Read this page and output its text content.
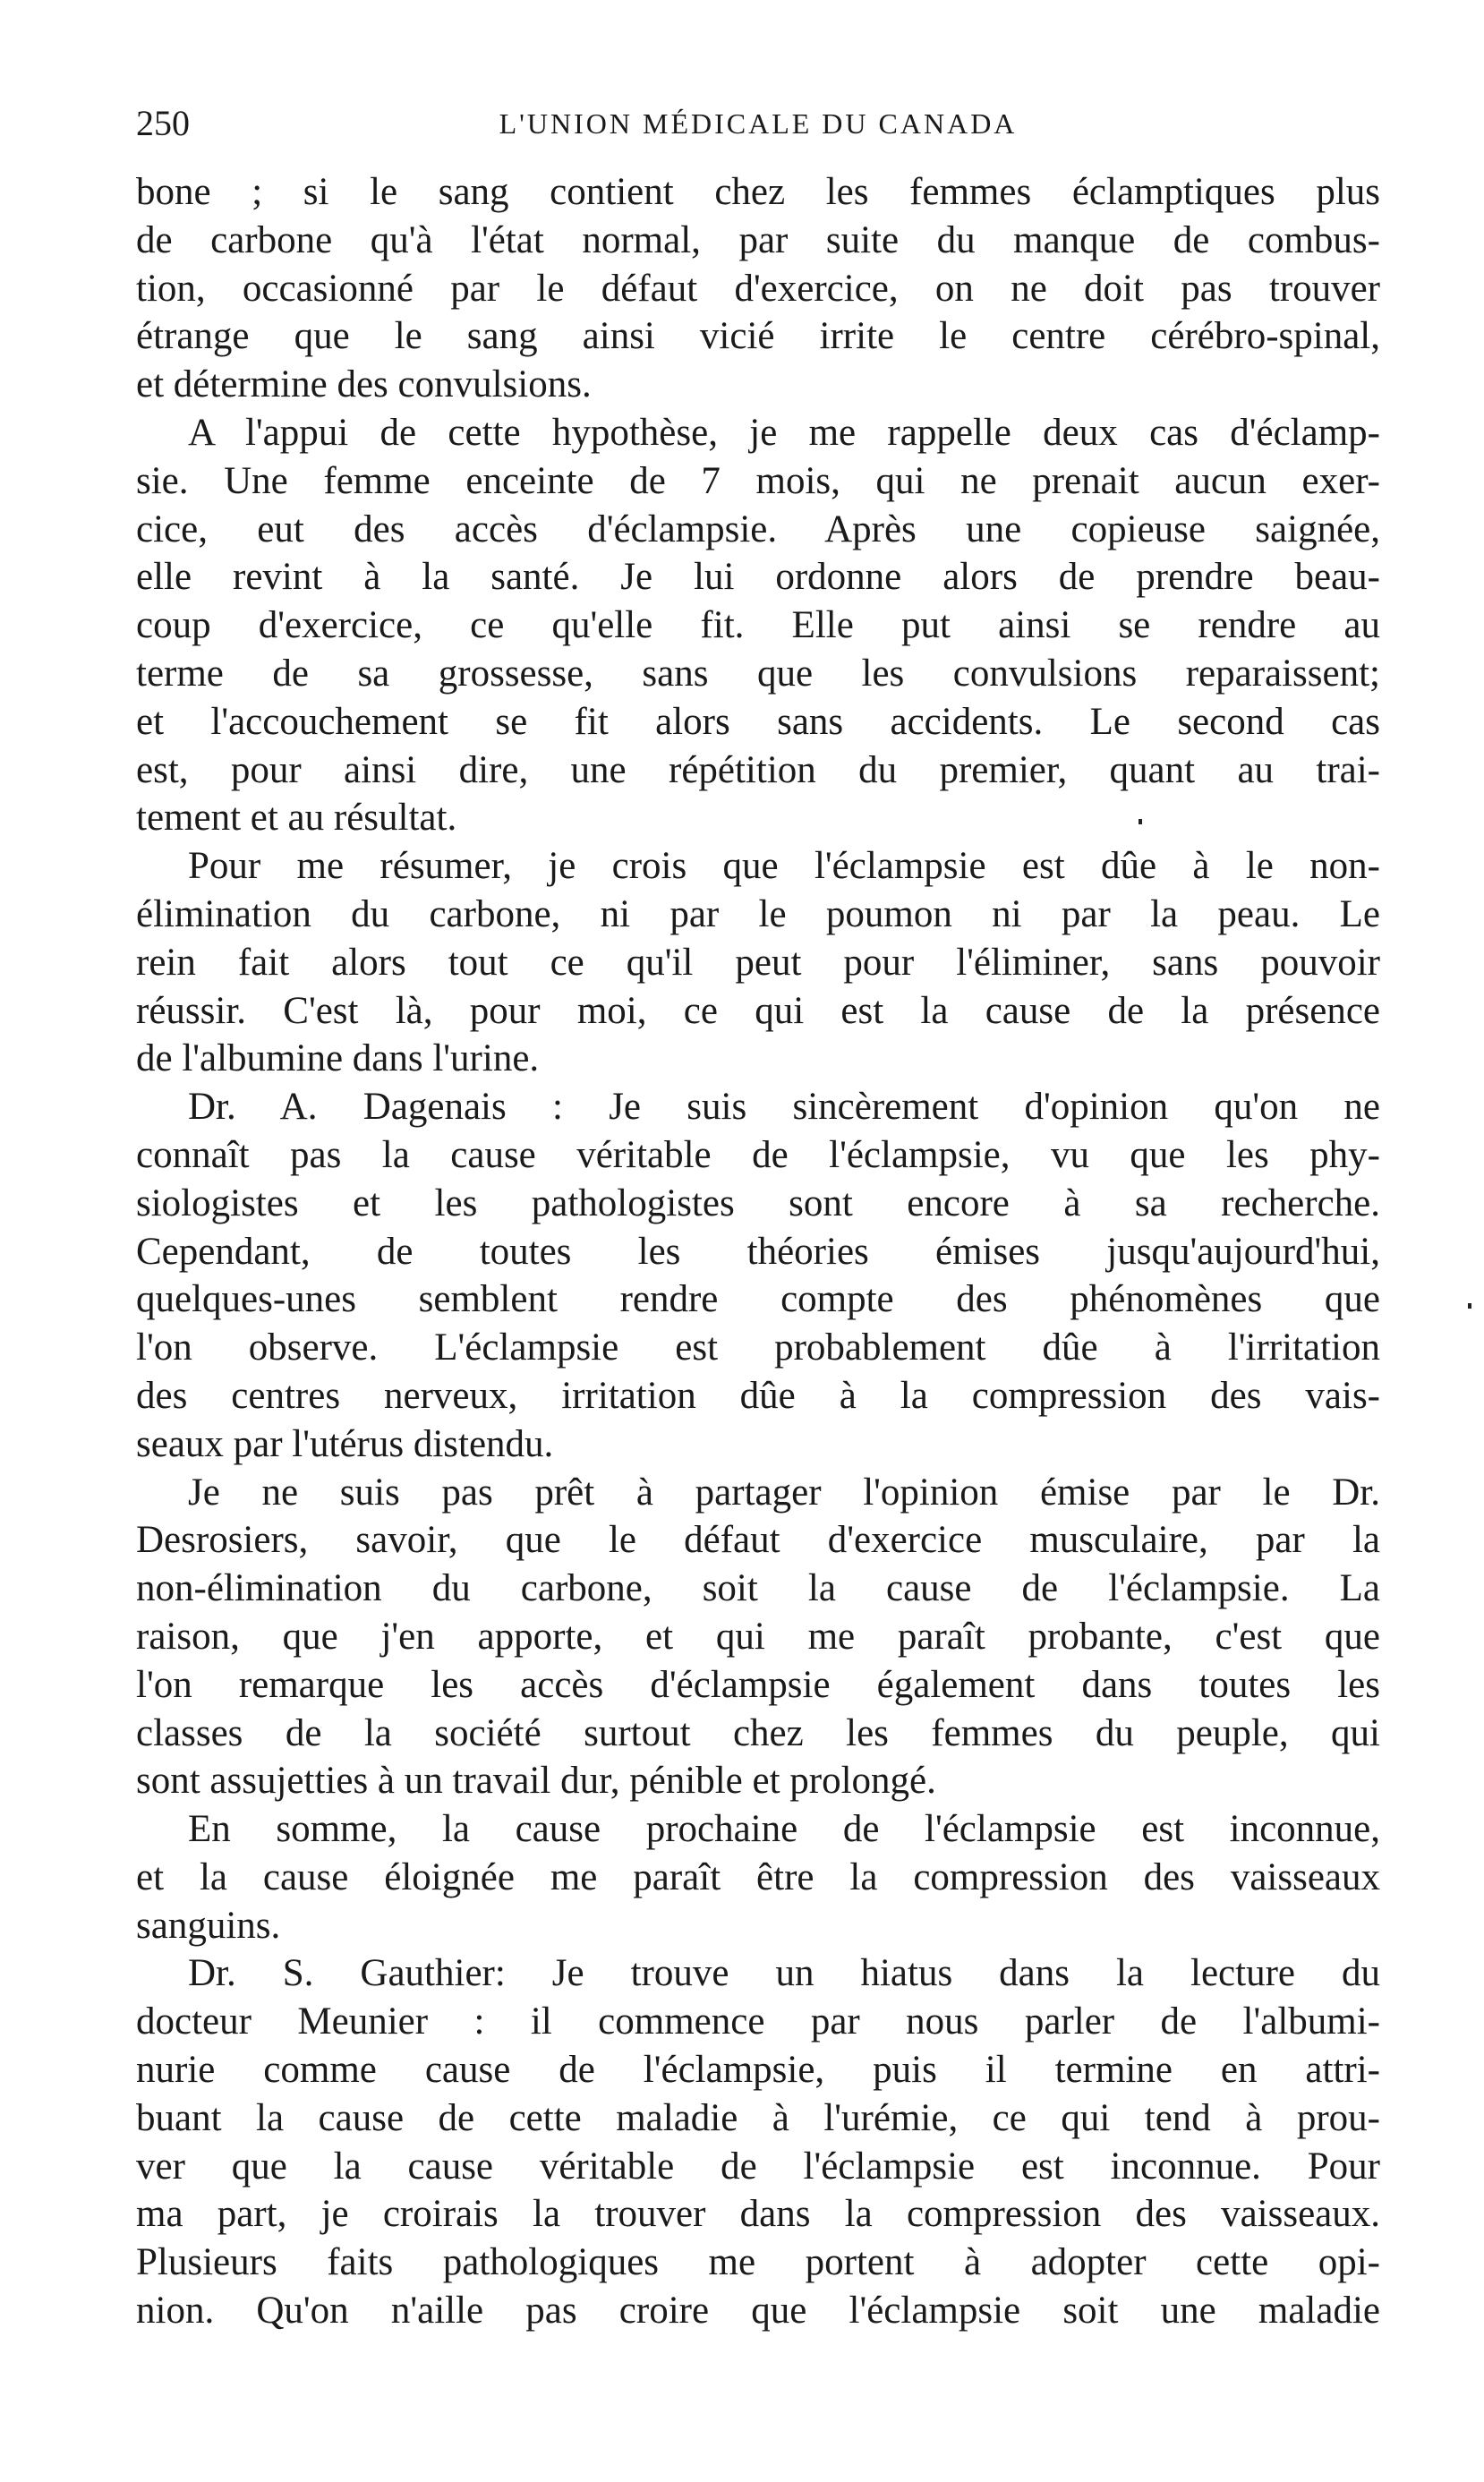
250	L'UNION MÉDICALE DU CANADA
bone ; si le sang contient chez les femmes éclamptiques plus
de carbone qu'à l'état normal, par suite du manque de combus-
tion, occasionné par le défaut d'exercice, on ne doit pas trouver
étrange que le sang ainsi vicié irrite le centre cérébro-spinal,
et détermine des convulsions.
A l'appui de cette hypothèse, je me rappelle deux cas d'éclamp-
sie. Une femme enceinte de 7 mois, qui ne prenait aucun exer-
cice, eut des accès d'éclampsie. Après une copieuse saignée,
elle revint à la santé. Je lui ordonne alors de prendre beau-
coup d'exercice, ce qu'elle fit. Elle put ainsi se rendre au
terme de sa grossesse, sans que les convulsions reparaissent;
et l'accouchement se fit alors sans accidents. Le second cas
est, pour ainsi dire, une répétition du premier, quant au trai-
tement et au résultat.
Pour me résumer, je crois que l'éclampsie est dûe à le non-
élimination du carbone, ni par le poumon ni par la peau. Le
rein fait alors tout ce qu'il peut pour l'éliminer, sans pouvoir
réussir. C'est là, pour moi, ce qui est la cause de la présence
de l'albumine dans l'urine.
Dr. A. Dagenais : Je suis sincèrement d'opinion qu'on ne
connaît pas la cause véritable de l'éclampsie, vu que les phy-
siologistes et les pathologistes sont encore à sa recherche.
Cependant, de toutes les théories émises jusqu'aujourd'hui,
quelques-unes semblent rendre compte des phénomènes que
l'on observe. L'éclampsie est probablement dûe à l'irritation
des centres nerveux, irritation dûe à la compression des vais-
seaux par l'utérus distendu.
Je ne suis pas prêt à partager l'opinion émise par le Dr.
Desrosiers, savoir, que le défaut d'exercice musculaire, par la
non-élimination du carbone, soit la cause de l'éclampsie. La
raison, que j'en apporte, et qui me paraît probante, c'est que
l'on remarque les accès d'éclampsie également dans toutes les
classes de la société surtout chez les femmes du peuple, qui
sont assujetties à un travail dur, pénible et prolongé.
En somme, la cause prochaine de l'éclampsie est inconnue,
et la cause éloignée me paraît être la compression des vaisseaux
sanguins.
Dr. S. Gauthier: Je trouve un hiatus dans la lecture du
docteur Meunier : il commence par nous parler de l'albumi-
nurie comme cause de l'éclampsie, puis il termine en attri-
buant la cause de cette maladie à l'urémie, ce qui tend à prou-
ver que la cause véritable de l'éclampsie est inconnue. Pour
ma part, je croirais la trouver dans la compression des vaisseaux.
Plusieurs faits pathologiques me portent à adopter cette opi-
nion. Qu'on n'aille pas croire que l'éclampsie soit une maladie
